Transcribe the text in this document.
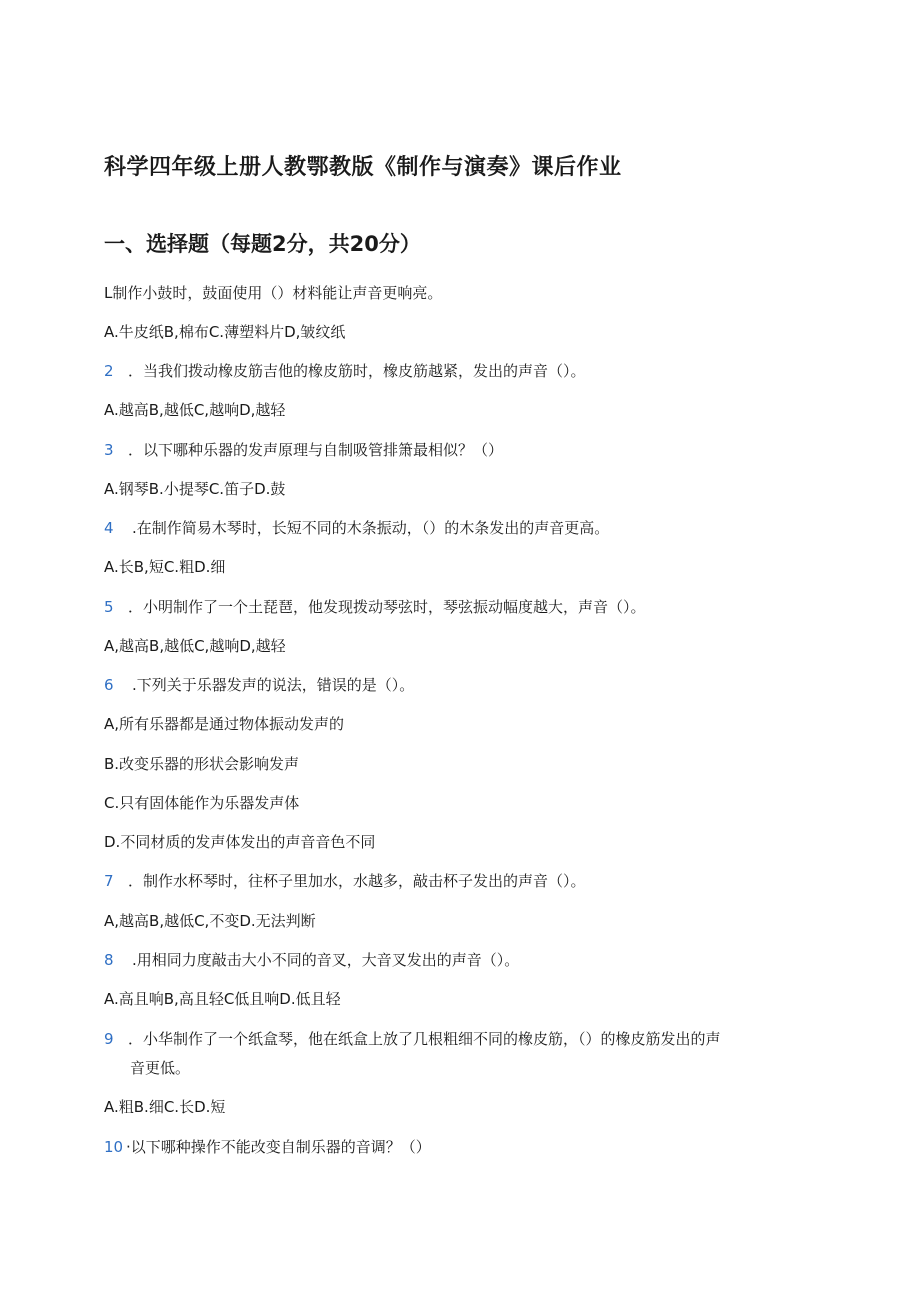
科学四年级上册人教鄂教版《制作与演奏》课后作业
一、选择题（每题2分，共20分）

L制作小鼓时，鼓面使用（）材料能让声音更响亮。

A.牛皮纸B,棉布C.薄塑料片D,皱纹纸

2 ．当我们拨动橡皮筋吉他的橡皮筋时，橡皮筋越紧，发出的声音（）。

A.越高B,越低C,越响D,越轻

3 ．以下哪种乐器的发声原理与自制吸管排箫最相似？（）

A.钢琴B.小提琴C.笛子D.鼓

4 .在制作简易木琴时，长短不同的木条振动，（）的木条发出的声音更高。

A.长B,短C.粗D.细

5 ．小明制作了一个土琵琶，他发现拨动琴弦时，琴弦振动幅度越大，声音（）。

A,越高B,越低C,越响D,越轻

6 .下列关于乐器发声的说法，错误的是（）。

A,所有乐器都是通过物体振动发声的

B.改变乐器的形状会影响发声

C.只有固体能作为乐器发声体

D.不同材质的发声体发出的声音音色不同

7 ．制作水杯琴时，往杯子里加水，水越多，敲击杯子发出的声音（）。

A,越高B,越低C,不变D.无法判断

8 .用相同力度敲击大小不同的音叉，大音叉发出的声音（）。

A.高且响B,高且轻C低且响D.低且轻

9 ．小华制作了一个纸盒琴，他在纸盒上放了几根粗细不同的橡皮筋，（）的橡皮筋发出的声

音更低。

A.粗B.细C.长D.短

10 ·以下哪种操作不能改变自制乐器的音调？（）
